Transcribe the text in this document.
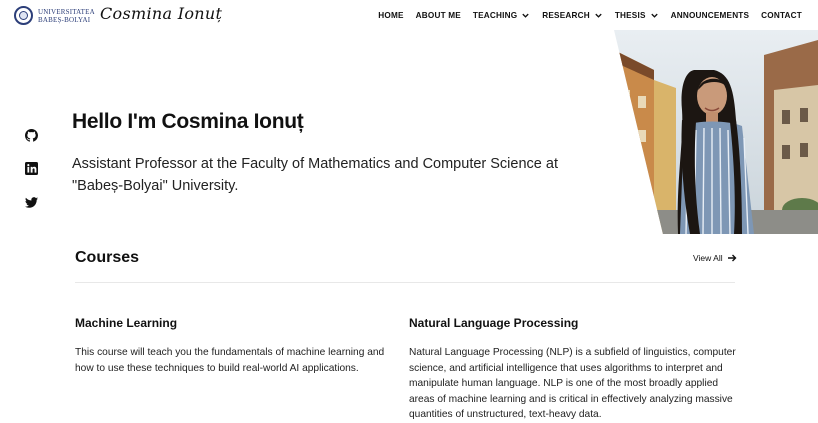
UNIVERSITATEA
BABEȘ-BOLYAI Cosmina Ionuț	HOME ABOUT ME TEACHING	RESEARCH	THESIS	ANNOUNCEMENTS CONTACT
Hello I'm Cosmina Ionuț

Assistant Professor at the Faculty of Mathematics and Computer Science at "Babeș-Bolyai" University.

Courses	View All
Machine Learning

This course will teach you the fundamentals of machine learning and how to use these techniques to build real-world AI applications.

Natural Language Processing

Natural Language Processing (NLP) is a subfield of linguistics, computer science, and artificial intelligence that uses algorithms to interpret and manipulate human language. NLP is one of the most broadly applied areas of machine learning and is critical in effectively analyzing massive quantities of unstructured, text-heavy data.
